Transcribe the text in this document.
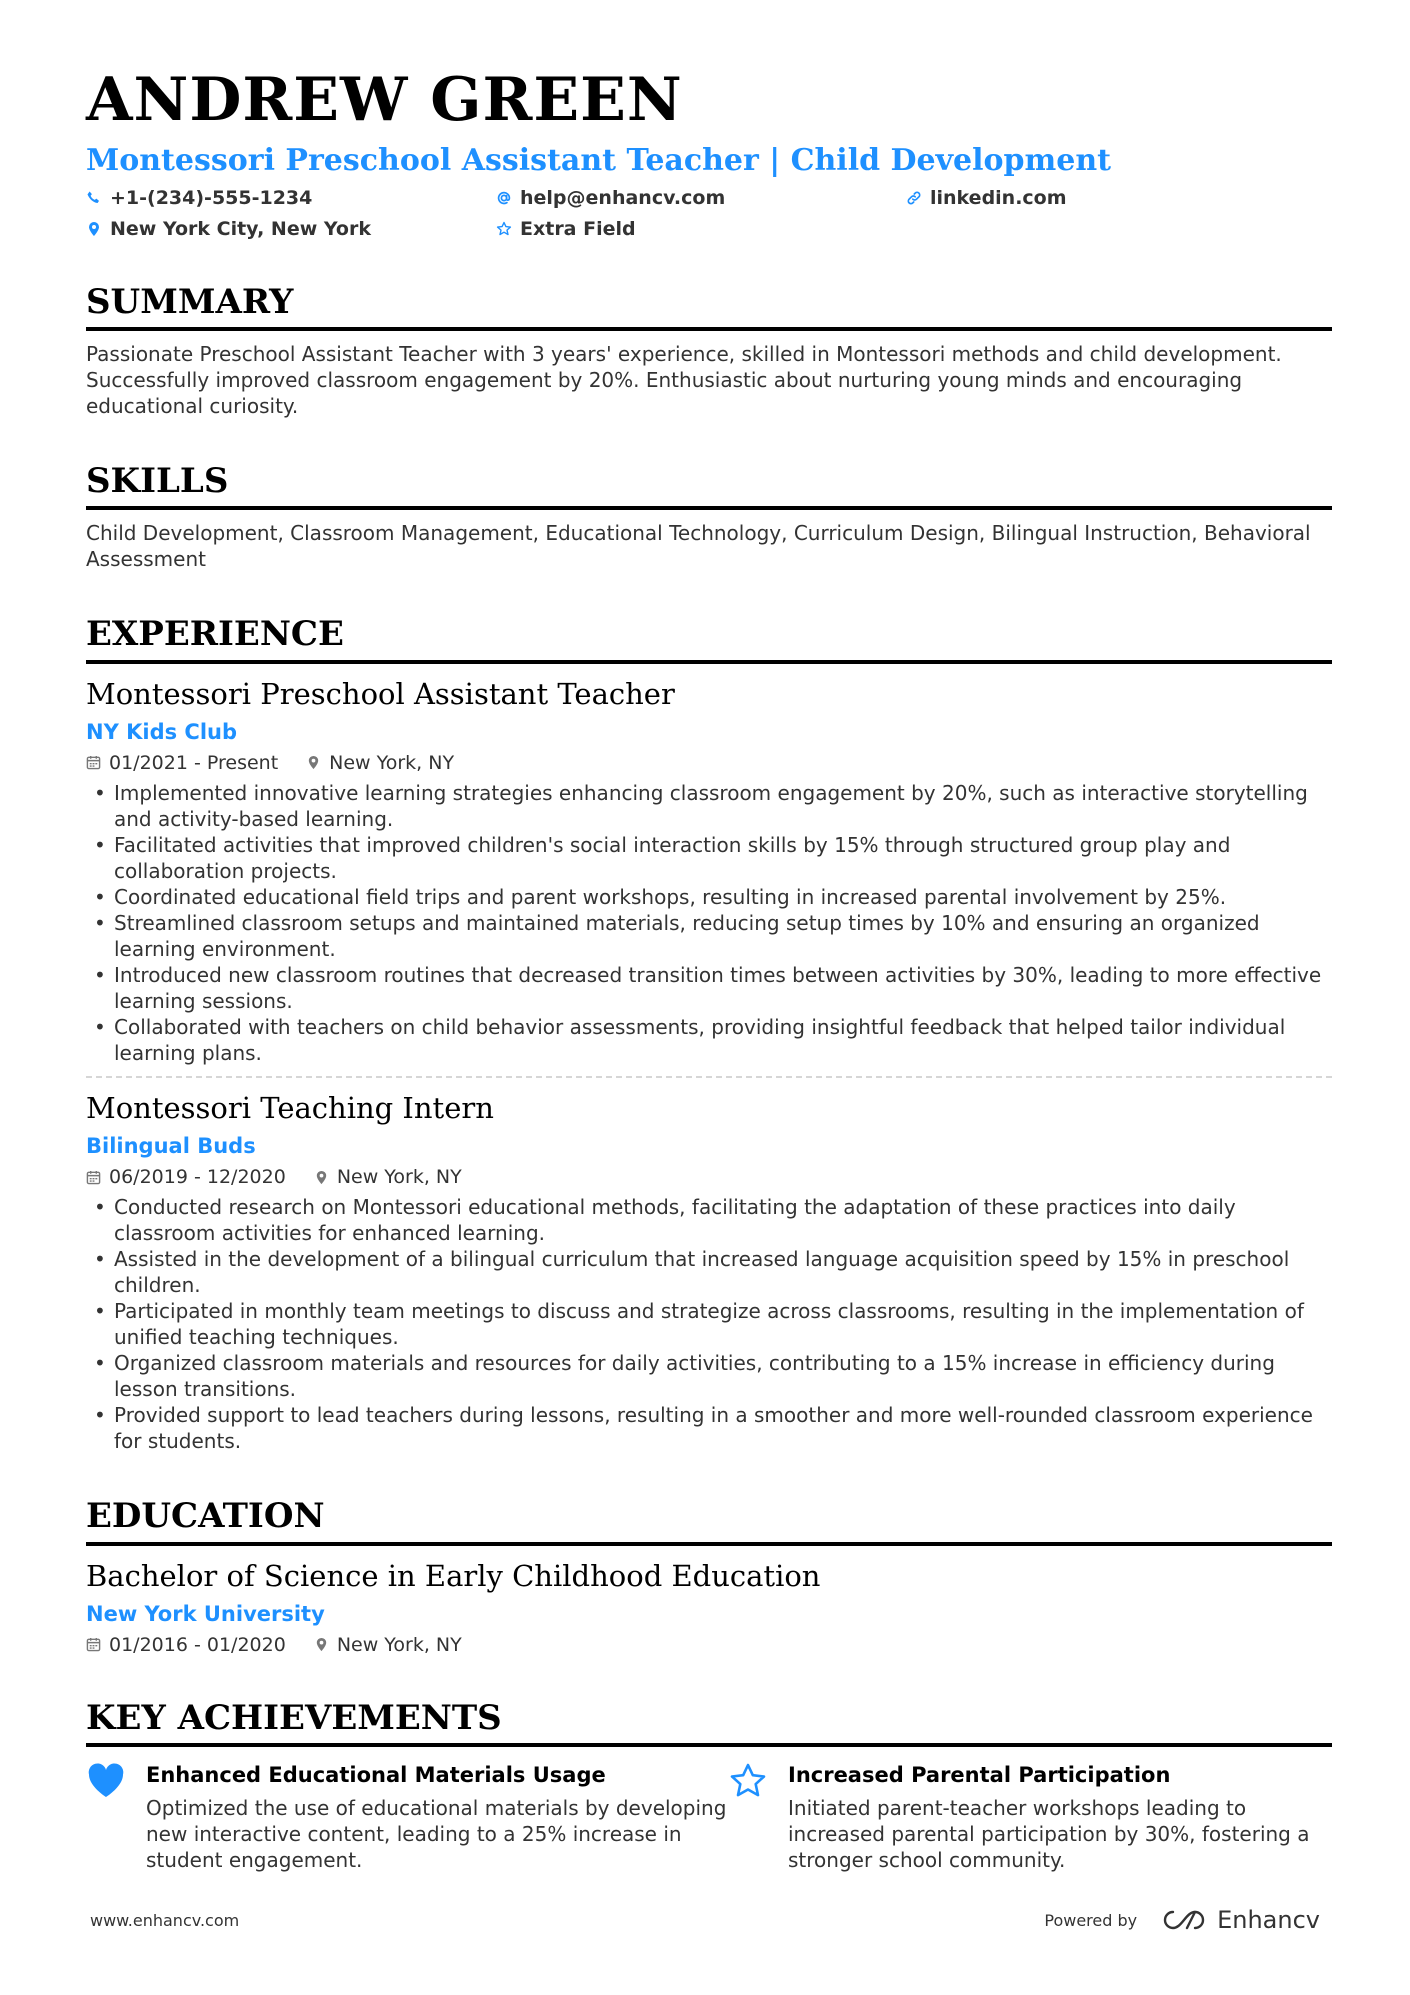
ANDREW GREEN
Montessori Preschool Assistant Teacher | Child Development
+1-(234)-555-1234	help@enhancv.com	linkedin.com
New York City, New York	Extra Field
SUMMARY
Passionate Preschool Assistant Teacher with 3 years' experience, skilled in Montessori methods and child development. Successfully improved classroom engagement by 20%. Enthusiastic about nurturing young minds and encouraging educational curiosity.
SKILLS
Child Development, Classroom Management, Educational Technology, Curriculum Design, Bilingual Instruction, Behavioral Assessment
EXPERIENCE
Montessori Preschool Assistant Teacher
NY Kids Club
01/2021 - Present	New York, NY
• Implemented innovative learning strategies enhancing classroom engagement by 20%, such as interactive storytelling and activity-based learning.
• Facilitated activities that improved children's social interaction skills by 15% through structured group play and collaboration projects.
• Coordinated educational field trips and parent workshops, resulting in increased parental involvement by 25%.
• Streamlined classroom setups and maintained materials, reducing setup times by 10% and ensuring an organized learning environment.
• Introduced new classroom routines that decreased transition times between activities by 30%, leading to more effective learning sessions.
• Collaborated with teachers on child behavior assessments, providing insightful feedback that helped tailor individual learning plans.
Montessori Teaching Intern
Bilingual Buds
06/2019 - 12/2020	New York, NY
• Conducted research on Montessori educational methods, facilitating the adaptation of these practices into daily classroom activities for enhanced learning.
• Assisted in the development of a bilingual curriculum that increased language acquisition speed by 15% in preschool children.
• Participated in monthly team meetings to discuss and strategize across classrooms, resulting in the implementation of unified teaching techniques.
• Organized classroom materials and resources for daily activities, contributing to a 15% increase in efficiency during lesson transitions.
• Provided support to lead teachers during lessons, resulting in a smoother and more well-rounded classroom experience for students.
EDUCATION
Bachelor of Science in Early Childhood Education
New York University
01/2016 - 01/2020	New York, NY
KEY ACHIEVEMENTS
Enhanced Educational Materials Usage
Optimized the use of educational materials by developing new interactive content, leading to a 25% increase in student engagement.
Increased Parental Participation
Initiated parent-teacher workshops leading to increased parental participation by 30%, fostering a stronger school community.
www.enhancv.com	Powered by	Enhancv
